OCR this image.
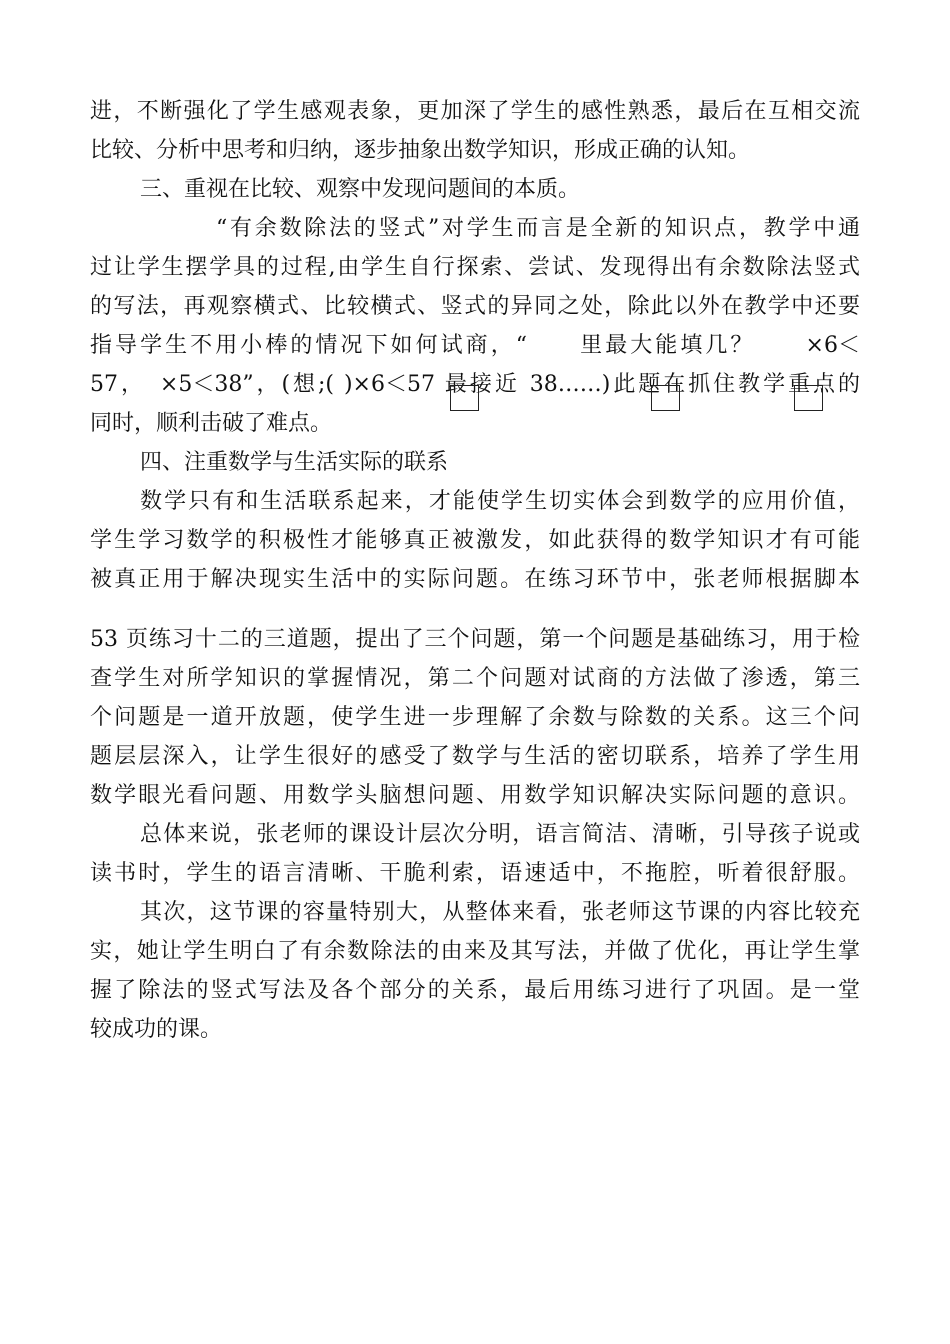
进，不断强化了学生感观表象，更加深了学生的感性熟悉，最后在互相交流
比较、分析中思考和归纳，逐步抽象出数学知识，形成正确的认知。
三、重视在比较、观察中发现问题间的本质。
“有余数除法的竖式”对学生而言是全新的知识点，教学中通
过让学生摆学具的过程,由学生自行探索、尝试、发现得出有余数除法竖式
的写法，再观察横式、比较横式、竖式的异同之处，除此以外在教学中还要
指导学生不用小棒的情况下如何试商，“　　里最大能填几？　　×6＜
57，　×5＜38”，(想;( )×6＜57 最接近 38……)此题在抓住教学重点的
同时，顺利击破了难点。
四、注重数学与生活实际的联系
数学只有和生活联系起来，才能使学生切实体会到数学的应用价值，
学生学习数学的积极性才能够真正被激发，如此获得的数学知识才有可能
被真正用于解决现实生活中的实际问题。在练习环节中，张老师根据脚本
53 页练习十二的三道题，提出了三个问题，第一个问题是基础练习，用于检
查学生对所学知识的掌握情况，第二个问题对试商的方法做了渗透，第三
个问题是一道开放题，使学生进一步理解了余数与除数的关系。这三个问
题层层深入，让学生很好的感受了数学与生活的密切联系，培养了学生用
数学眼光看问题、用数学头脑想问题、用数学知识解决实际问题的意识。
总体来说，张老师的课设计层次分明，语言简洁、清晰，引导孩子说或
读书时，学生的语言清晰、干脆利索，语速适中，不拖腔，听着很舒服。
其次，这节课的容量特别大，从整体来看，张老师这节课的内容比较充
实，她让学生明白了有余数除法的由来及其写法，并做了优化，再让学生掌
握了除法的竖式写法及各个部分的关系，最后用练习进行了巩固。是一堂
较成功的课。
